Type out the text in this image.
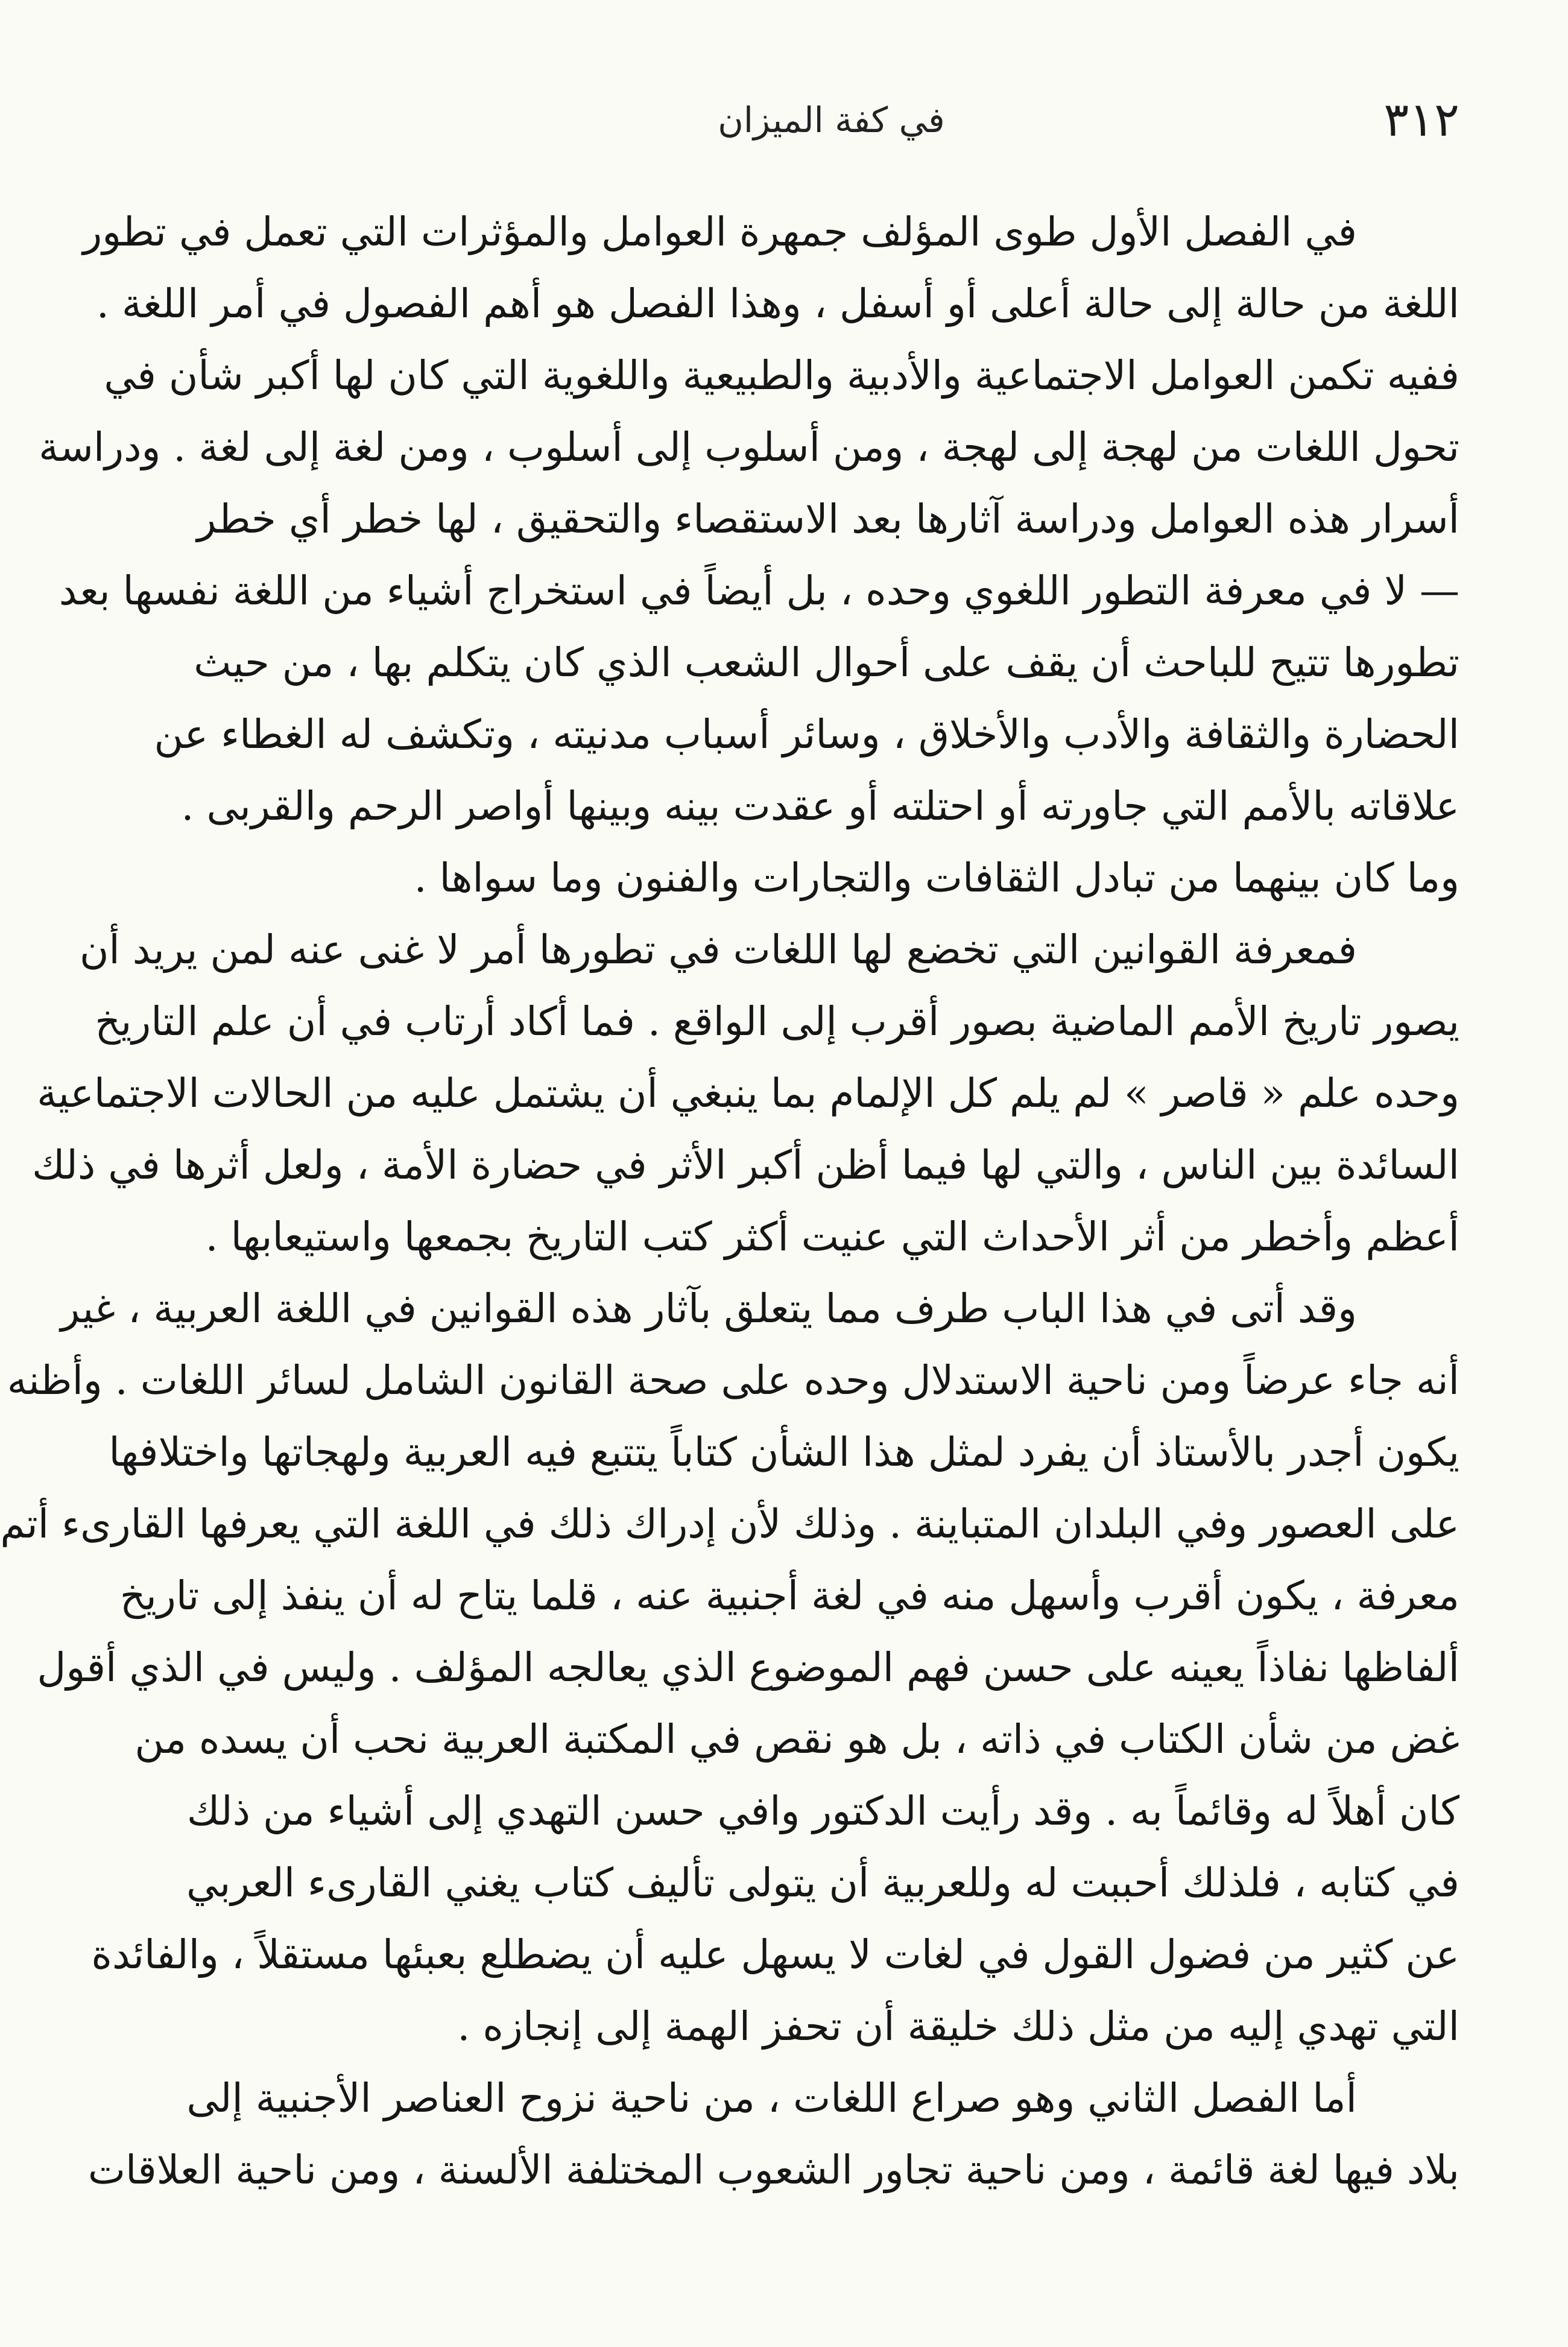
٣١٢
في كفة الميزان
في الفصل الأول طوى المؤلف جمهرة العوامل والمؤثرات التي تعمل في تطور
اللغة من حالة إلى حالة أعلى أو أسفل ، وهذا الفصل هو أهم الفصول في أمر اللغة .
ففيه تكمن العوامل الاجتماعية والأدبية والطبيعية واللغوية التي كان لها أكبر شأن في
تحول اللغات من لهجة إلى لهجة ، ومن أسلوب إلى أسلوب ، ومن لغة إلى لغة . ودراسة
أسرار هذه العوامل ودراسة آثارها بعد الاستقصاء والتحقيق ، لها خطر أي خطر
— لا في معرفة التطور اللغوي وحده ، بل أيضاً في استخراج أشياء من اللغة نفسها بعد
تطورها تتيح للباحث أن يقف على أحوال الشعب الذي كان يتكلم بها ، من حيث
الحضارة والثقافة والأدب والأخلاق ، وسائر أسباب مدنيته ، وتكشف له الغطاء عن
علاقاته بالأمم التي جاورته أو احتلته أو عقدت بينه وبينها أواصر الرحم والقربى .
وما كان بينهما من تبادل الثقافات والتجارات والفنون وما سواها .
فمعرفة القوانين التي تخضع لها اللغات في تطورها أمر لا غنى عنه لمن يريد أن
يصور تاريخ الأمم الماضية بصور أقرب إلى الواقع . فما أكاد أرتاب في أن علم التاريخ
وحده علم « قاصر » لم يلم كل الإلمام بما ينبغي أن يشتمل عليه من الحالات الاجتماعية
السائدة بين الناس ، والتي لها فيما أظن أكبر الأثر في حضارة الأمة ، ولعل أثرها في ذلك
أعظم وأخطر من أثر الأحداث التي عنيت أكثر كتب التاريخ بجمعها واستيعابها .
وقد أتى في هذا الباب طرف مما يتعلق بآثار هذه القوانين في اللغة العربية ، غير
أنه جاء عرضاً ومن ناحية الاستدلال وحده على صحة القانون الشامل لسائر اللغات . وأظنه
يكون أجدر بالأستاذ أن يفرد لمثل هذا الشأن كتاباً يتتبع فيه العربية ولهجاتها واختلافها
على العصور وفي البلدان المتباينة . وذلك لأن إدراك ذلك في اللغة التي يعرفها القارىء أتم
معرفة ، يكون أقرب وأسهل منه في لغة أجنبية عنه ، قلما يتاح له أن ينفذ إلى تاريخ
ألفاظها نفاذاً يعينه على حسن فهم الموضوع الذي يعالجه المؤلف . وليس في الذي أقول
غض من شأن الكتاب في ذاته ، بل هو نقص في المكتبة العربية نحب أن يسده من
كان أهلاً له وقائماً به . وقد رأيت الدكتور وافي حسن التهدي إلى أشياء من ذلك
في كتابه ، فلذلك أحببت له وللعربية أن يتولى تأليف كتاب يغني القارىء العربي
عن كثير من فضول القول في لغات لا يسهل عليه أن يضطلع بعبئها مستقلاً ، والفائدة
التي تهدي إليه من مثل ذلك خليقة أن تحفز الهمة إلى إنجازه .
أما الفصل الثاني وهو صراع اللغات ، من ناحية نزوح العناصر الأجنبية إلى
بلاد فيها لغة قائمة ، ومن ناحية تجاور الشعوب المختلفة الألسنة ، ومن ناحية العلاقات
